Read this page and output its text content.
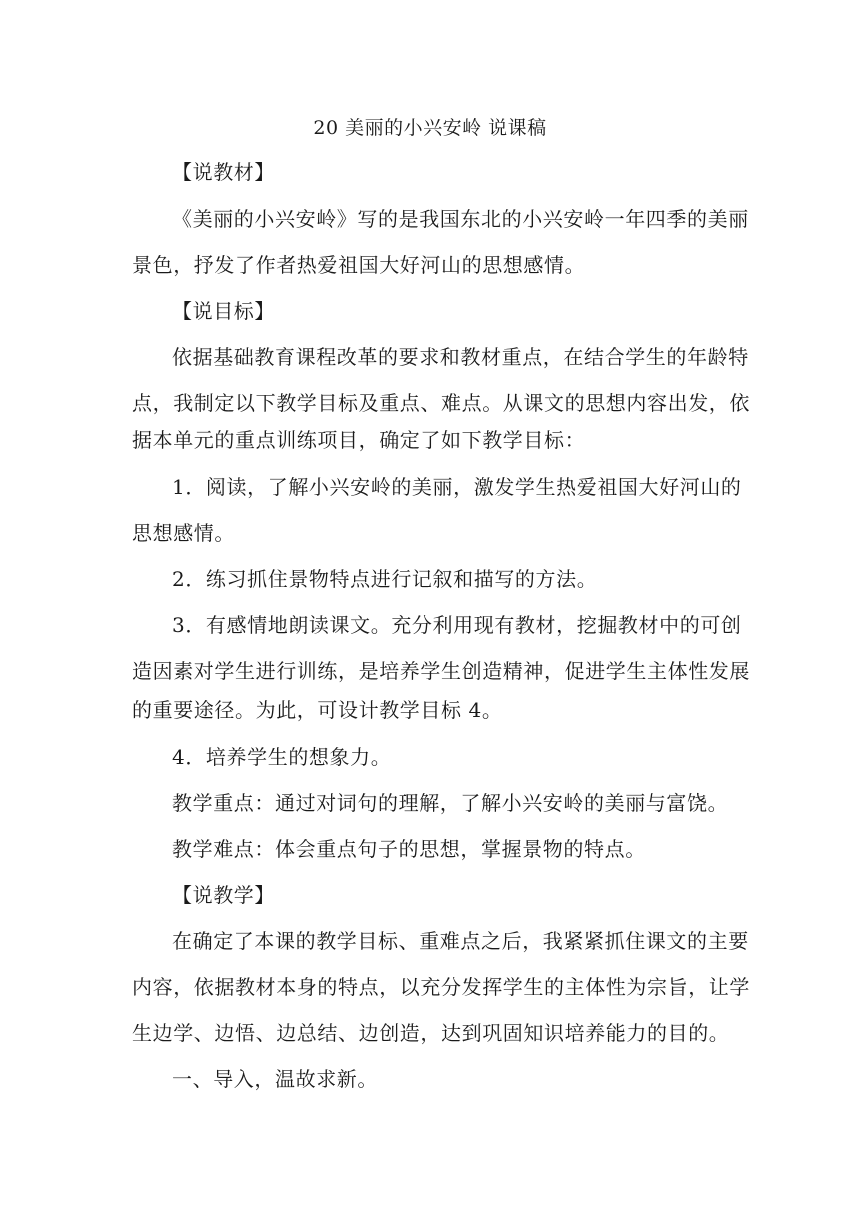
20 美丽的小兴安岭 说课稿
【说教材】
《美丽的小兴安岭》写的是我国东北的小兴安岭一年四季的美丽
景色，抒发了作者热爱祖国大好河山的思想感情。
【说目标】
依据基础教育课程改革的要求和教材重点，在结合学生的年龄特
点，我制定以下教学目标及重点、难点。从课文的思想内容出发，依
据本单元的重点训练项目，确定了如下教学目标：
1．阅读，了解小兴安岭的美丽，激发学生热爱祖国大好河山的
思想感情。
2．练习抓住景物特点进行记叙和描写的方法。
3．有感情地朗读课文。充分利用现有教材，挖掘教材中的可创
造因素对学生进行训练，是培养学生创造精神，促进学生主体性发展
的重要途径。为此，可设计教学目标 4。
4．培养学生的想象力。
教学重点：通过对词句的理解，了解小兴安岭的美丽与富饶。
教学难点：体会重点句子的思想，掌握景物的特点。
【说教学】
在确定了本课的教学目标、重难点之后，我紧紧抓住课文的主要
内容，依据教材本身的特点，以充分发挥学生的主体性为宗旨，让学
生边学、边悟、边总结、边创造，达到巩固知识培养能力的目的。
一、导入，温故求新。
